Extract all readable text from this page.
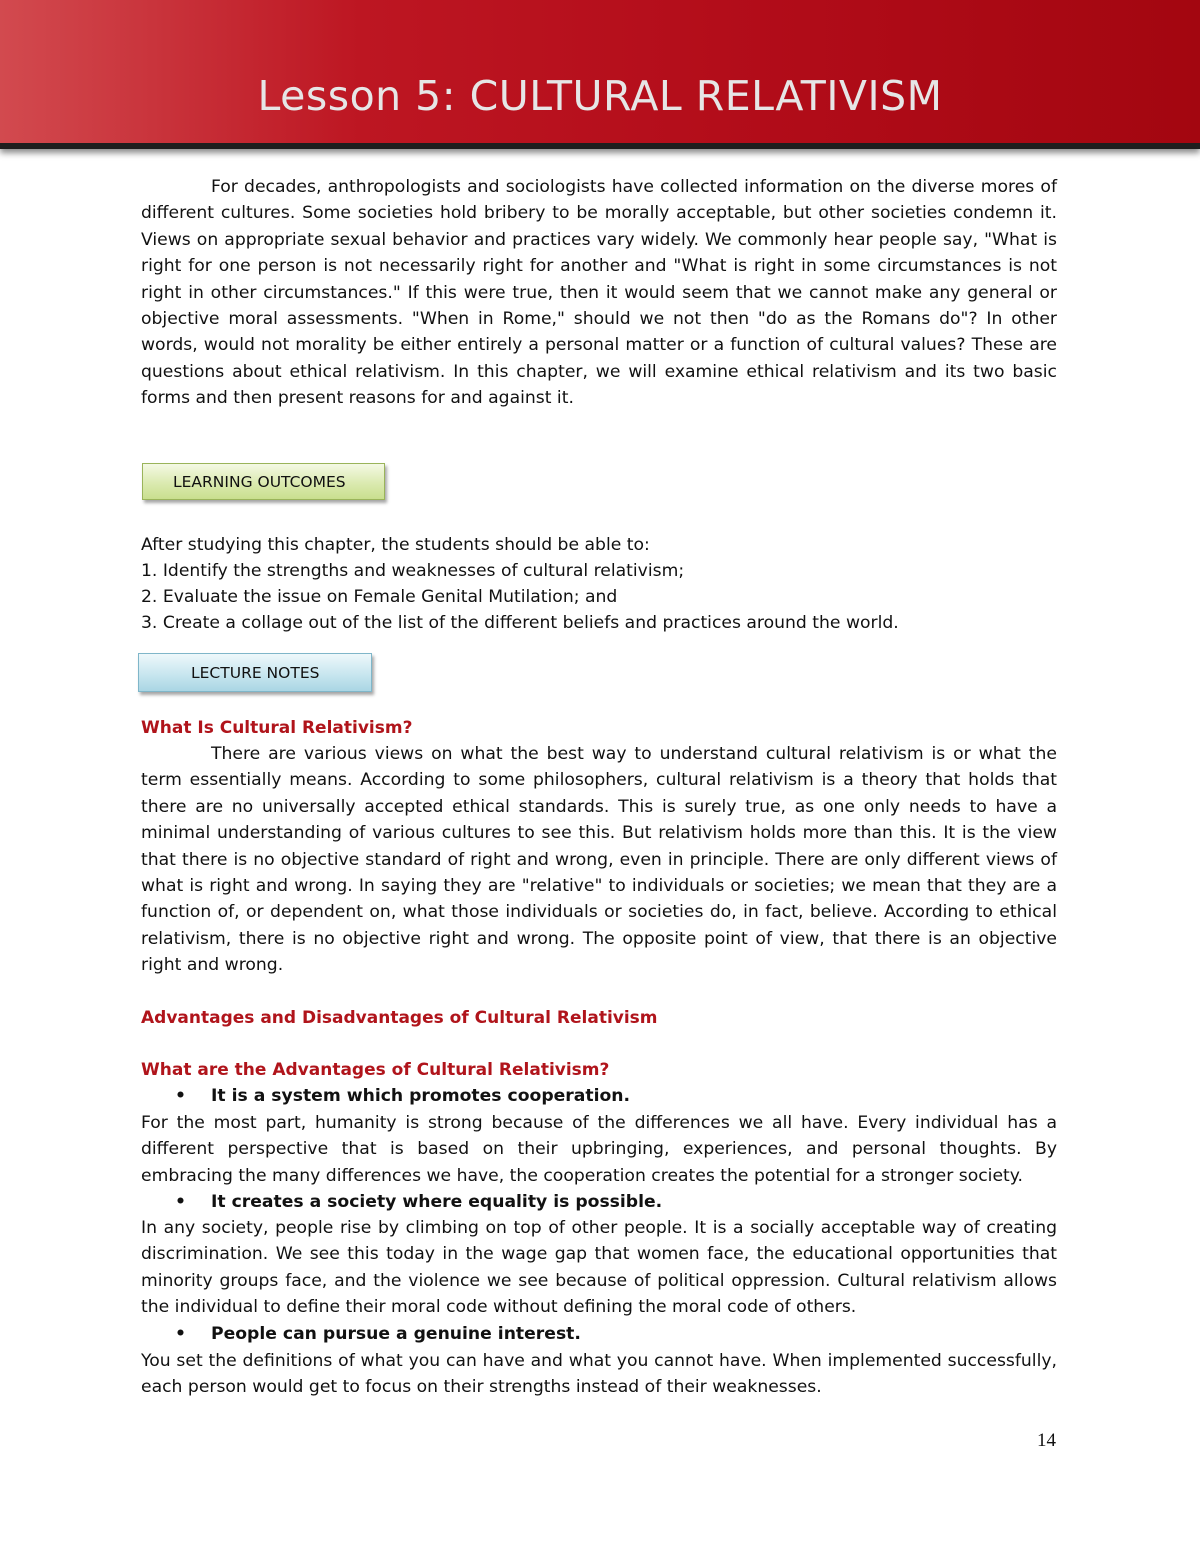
Lesson 5: CULTURAL RELATIVISM

For decades, anthropologists and sociologists have collected information on the diverse mores of different cultures. Some societies hold bribery to be morally acceptable, but other societies condemn it. Views on appropriate sexual behavior and practices vary widely. We commonly hear people say, "What is right for one person is not necessarily right for another and "What is right in some circumstances is not right in other circumstances." If this were true, then it would seem that we cannot make any general or objective moral assessments. "When in Rome," should we not then "do as the Romans do"? In other words, would not morality be either entirely a personal matter or a function of cultural values? These are questions about ethical relativism. In this chapter, we will examine ethical relativism and its two basic forms and then present reasons for and against it.

LEARNING OUTCOMES

After studying this chapter, the students should be able to:

1. Identify the strengths and weaknesses of cultural relativism;

2. Evaluate the issue on Female Genital Mutilation; and

3. Create a collage out of the list of the different beliefs and practices around the world.

LECTURE NOTES

What Is Cultural Relativism?

There are various views on what the best way to understand cultural relativism is or what the term essentially means. According to some philosophers, cultural relativism is a theory that holds that there are no universally accepted ethical standards. This is surely true, as one only needs to have a minimal understanding of various cultures to see this. But relativism holds more than this. It is the view that there is no objective standard of right and wrong, even in principle. There are only different views of what is right and wrong. In saying they are "relative" to individuals or societies; we mean that they are a function of, or dependent on, what those individuals or societies do, in fact, believe. According to ethical relativism, there is no objective right and wrong. The opposite point of view, that there is an objective right and wrong.

Advantages and Disadvantages of Cultural Relativism

What are the Advantages of Cultural Relativism?

• It is a system which promotes cooperation.

For the most part, humanity is strong because of the differences we all have. Every individual has a different perspective that is based on their upbringing, experiences, and personal thoughts. By embracing the many differences we have, the cooperation creates the potential for a stronger society.

• It creates a society where equality is possible.

In any society, people rise by climbing on top of other people. It is a socially acceptable way of creating discrimination. We see this today in the wage gap that women face, the educational opportunities that minority groups face, and the violence we see because of political oppression. Cultural relativism allows the individual to define their moral code without defining the moral code of others.

• People can pursue a genuine interest.

You set the definitions of what you can have and what you cannot have. When implemented successfully, each person would get to focus on their strengths instead of their weaknesses.

14
